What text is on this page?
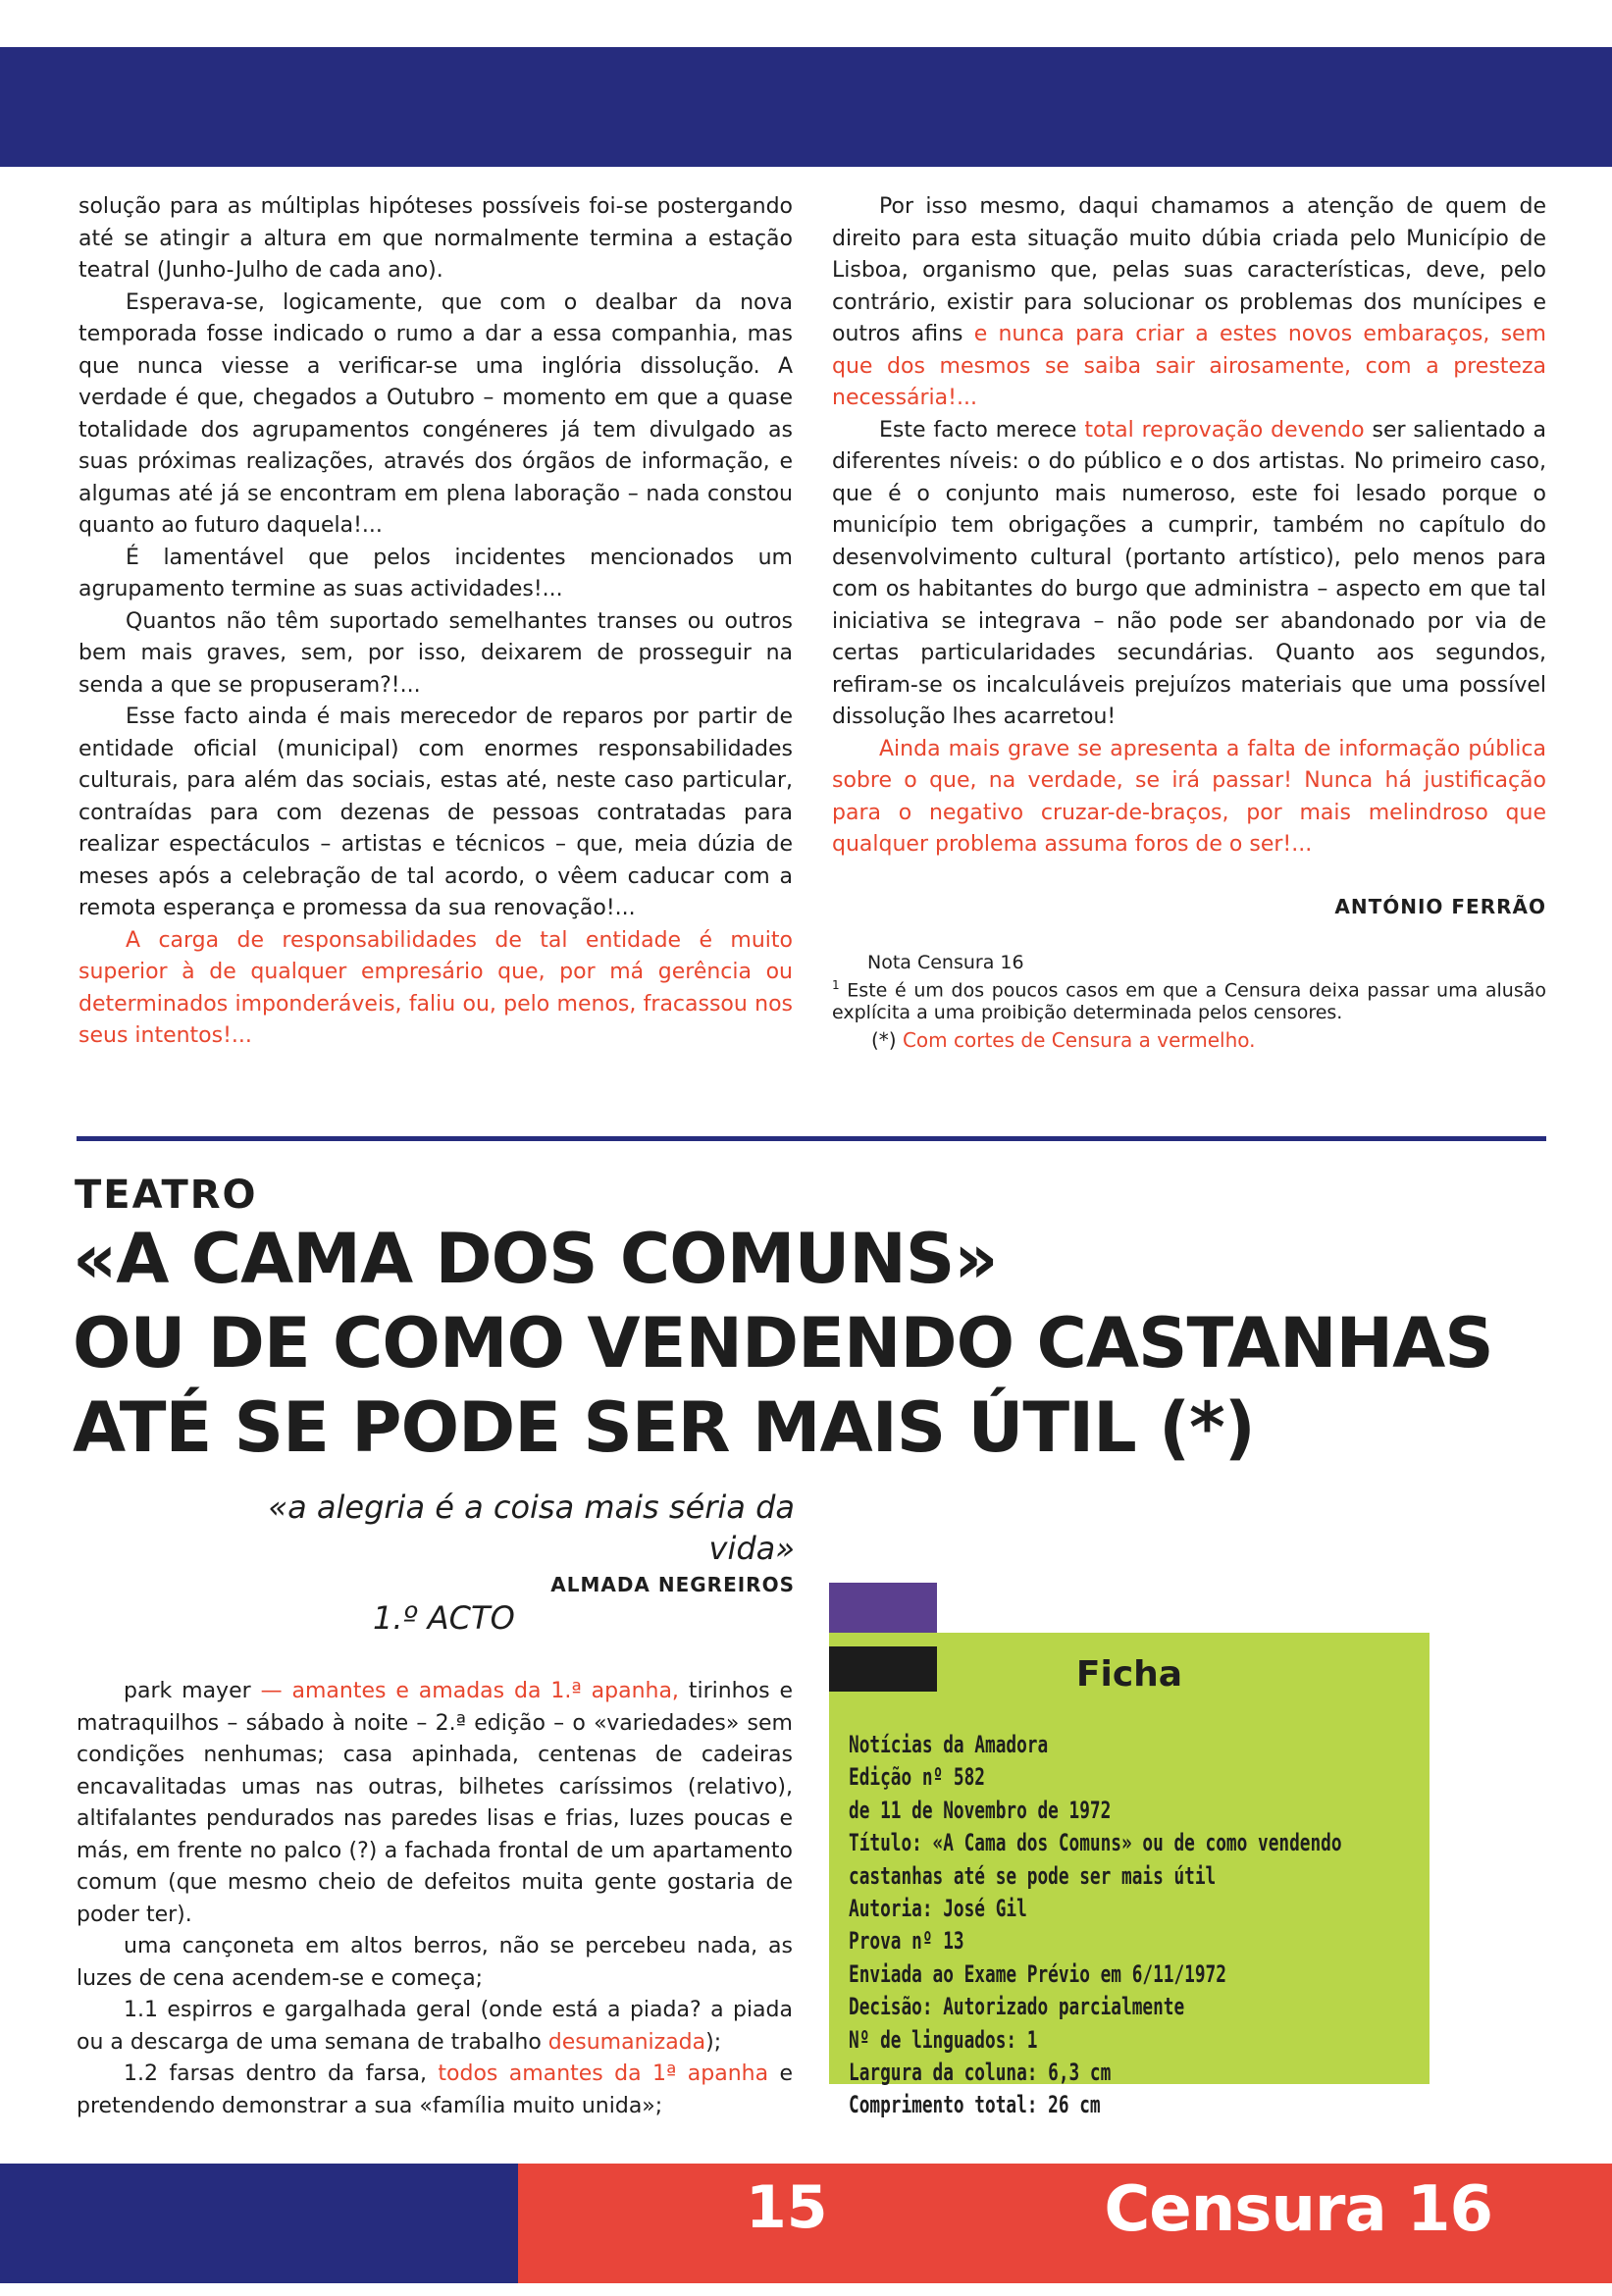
solução para as múltiplas hipóteses possíveis foi-se postergando até se atingir a altura em que normalmente termina a estação teatral (Junho-Julho de cada ano).

Esperava-se, logicamente, que com o dealbar da nova temporada fosse indicado o rumo a dar a essa companhia, mas que nunca viesse a verificar-se uma inglória dissolução. A verdade é que, chegados a Outubro – momento em que a quase totalidade dos agrupamentos congéneres já tem divulgado as suas próximas realizações, através dos órgãos de informação, e algumas até já se encontram em plena laboração – nada constou quanto ao futuro daquela!...

É lamentável que pelos incidentes mencionados um agrupamento termine as suas actividades!...

Quantos não têm suportado semelhantes transes ou outros bem mais graves, sem, por isso, deixarem de prosseguir na senda a que se propuseram?!...

Esse facto ainda é mais merecedor de reparos por partir de entidade oficial (municipal) com enormes responsabilidades culturais, para além das sociais, estas até, neste caso particular, contraídas para com dezenas de pessoas contratadas para realizar espectáculos – artistas e técnicos – que, meia dúzia de meses após a celebração de tal acordo, o vêem caducar com a remota esperança e promessa da sua renovação!...

A carga de responsabilidades de tal entidade é muito superior à de qualquer empresário que, por má gerência ou determinados imponderáveis, faliu ou, pelo menos, fracassou nos seus intentos!...

Por isso mesmo, daqui chamamos a atenção de quem de direito para esta situação muito dúbia criada pelo Município de Lisboa, organismo que, pelas suas características, deve, pelo contrário, existir para solucionar os problemas dos munícipes e outros afins e nunca para criar a estes novos embaraços, sem que dos mesmos se saiba sair airosamente, com a presteza necessária!...

Este facto merece total reprovação devendo ser salientado a diferentes níveis: o do público e o dos artistas. No primeiro caso, que é o conjunto mais numeroso, este foi lesado porque o município tem obrigações a cumprir, também no capítulo do desenvolvimento cultural (portanto artístico), pelo menos para com os habitantes do burgo que administra – aspecto em que tal iniciativa se integrava – não pode ser abandonado por via de certas particularidades secundárias. Quanto aos segundos, refiram-se os incalculáveis prejuízos materiais que uma possível dissolução lhes acarretou!

Ainda mais grave se apresenta a falta de informação pública sobre o que, na verdade, se irá passar! Nunca há justificação para o negativo cruzar-de-braços, por mais melindroso que qualquer problema assuma foros de o ser!...

ANTÓNIO FERRÃO

Nota Censura 16

$^1$ Este é um dos poucos casos em que a Censura deixa passar uma alusão explícita a uma proibição determinada pelos censores.

(*) Com cortes de Censura a vermelho.

TEATRO
«A CAMA DOS COMUNS»
OU DE COMO VENDENDO CASTANHAS
ATÉ SE PODE SER MAIS ÚTIL (*)
«a alegria é a coisa mais séria da vida»
ALMADA NEGREIROS
1.º ACTO

park mayer — amantes e amadas da 1.ª apanha, tirinhos e matraquilhos – sábado à noite – 2.ª edição – o «variedades» sem condições nenhumas; casa apinhada, centenas de cadeiras encavalitadas umas nas outras, bilhetes caríssimos (relativo), altifalantes pendurados nas paredes lisas e frias, luzes poucas e más, em frente no palco (?) a fachada frontal de um apartamento comum (que mesmo cheio de defeitos muita gente gostaria de poder ter).

uma cançoneta em altos berros, não se percebeu nada, as luzes de cena acendem-se e começa;

1.1 espirros e gargalhada geral (onde está a piada? a piada ou a descarga de uma semana de trabalho desumanizada);

1.2 farsas dentro da farsa, todos amantes da 1ª apanha e pretendendo demonstrar a sua «família muito unida»;

Ficha
Notícias da Amadora
Edição nº 582
de 11 de Novembro de 1972
Título: «A Cama dos Comuns» ou de como vendendo
castanhas até se pode ser mais útil
Autoria: José Gil
Prova nº 13
Enviada ao Exame Prévio em 6/11/1972
Decisão: Autorizado parcialmente
Nº de linguados: 1
Largura da coluna: 6,3 cm
Comprimento total: 26 cm
15	Censura 16
